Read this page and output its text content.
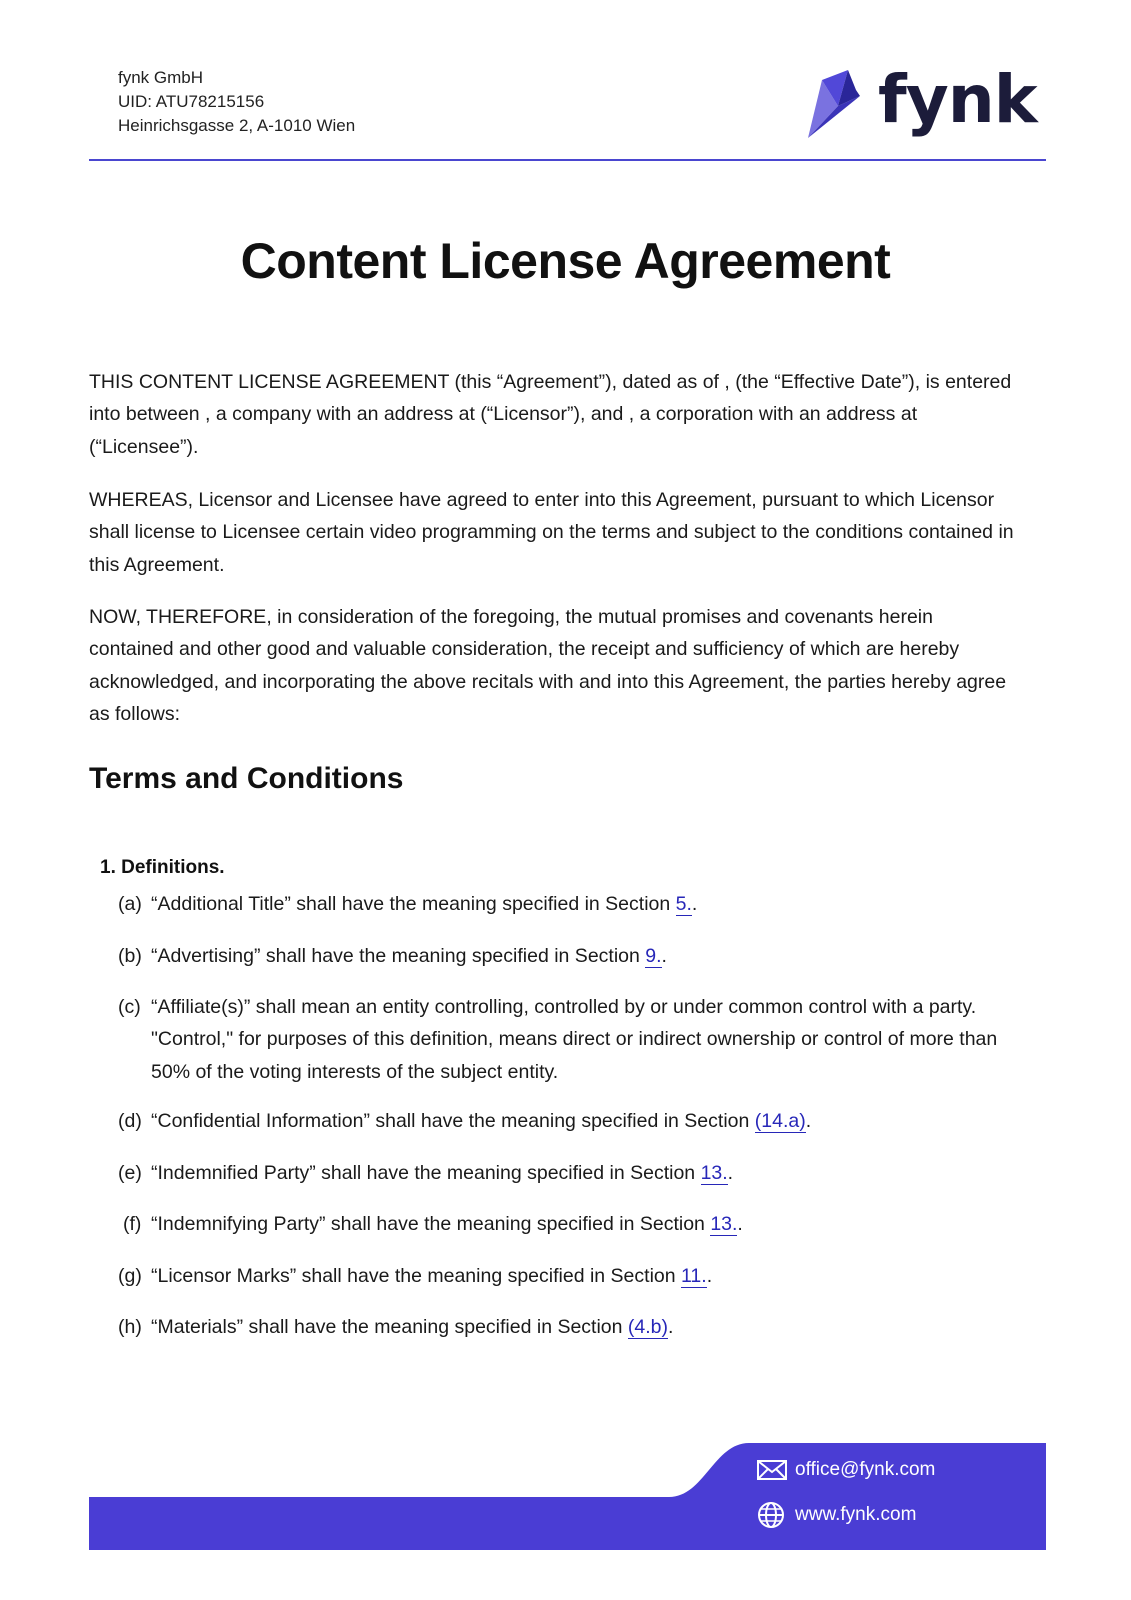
fynk GmbH
UID: ATU78215156
Heinrichsgasse 2, A-1010 Wien	fynk
Content License Agreement
THIS CONTENT LICENSE AGREEMENT (this “Agreement”), dated as of , (the “Effective Date”), is entered into between , a company with an address at (“Licensor”), and , a corporation with an address at (“Licensee”).
WHEREAS, Licensor and Licensee have agreed to enter into this Agreement, pursuant to which Licensor shall license to Licensee certain video programming on the terms and subject to the conditions contained in this Agreement.
NOW, THEREFORE, in consideration of the foregoing, the mutual promises and covenants herein contained and other good and valuable consideration, the receipt and sufficiency of which are hereby acknowledged, and incorporating the above recitals with and into this Agreement, the parties hereby agree as follows:
Terms and Conditions
1. Definitions.
(a) “Additional Title” shall have the meaning specified in Section 5..
(b) “Advertising” shall have the meaning specified in Section 9..
(c) “Affiliate(s)” shall mean an entity controlling, controlled by or under common control with a party. "Control," for purposes of this definition, means direct or indirect ownership or control of more than 50% of the voting interests of the subject entity.
(d) “Confidential Information” shall have the meaning specified in Section (14.a).
(e) “Indemnified Party” shall have the meaning specified in Section 13..
(f) “Indemnifying Party” shall have the meaning specified in Section 13..
(g) “Licensor Marks” shall have the meaning specified in Section 11..
(h) “Materials” shall have the meaning specified in Section (4.b).
office@fynk.com
www.fynk.com
